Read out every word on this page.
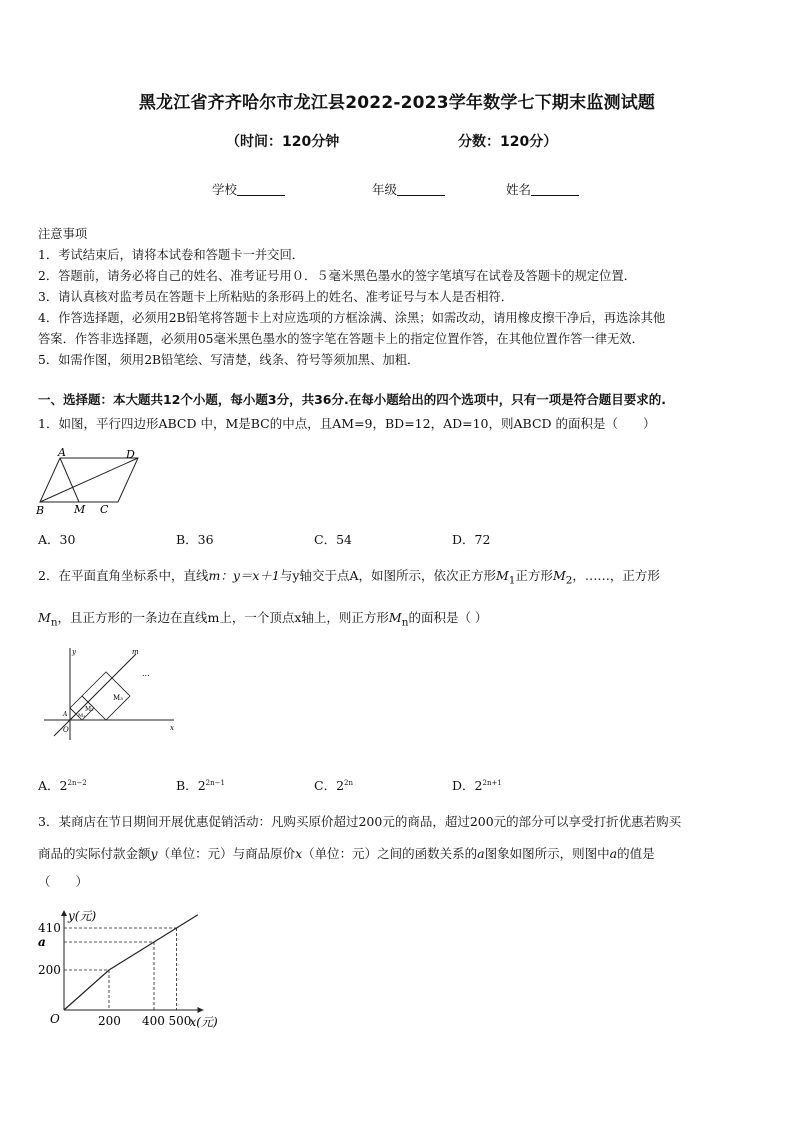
黑龙江省齐齐哈尔市龙江县2022-2023学年数学七下期末监测试题
（时间：120分钟	分数：120分）
学校	年级	姓名
注意事项
1．考试结束后，请将本试卷和答题卡一并交回．
2．答题前，请务必将自己的姓名、准考证号用０．５毫米黑色墨水的签字笔填写在试卷及答题卡的规定位置．
3．请认真核对监考员在答题卡上所粘贴的条形码上的姓名、准考证号与本人是否相符．
4．作答选择题，必须用2B铅笔将答题卡上对应选项的方框涂满、涂黑；如需改动，请用橡皮擦干净后，再选涂其他
答案．作答非选择题，必须用05毫米黑色墨水的签字笔在答题卡上的指定位置作答，在其他位置作答一律无效．
5．如需作图，须用2B铅笔绘、写清楚，线条、符号等须加黑、加粗．
一、选择题：本大题共12个小题，每小题3分，共36分.在每小题给出的四个选项中，只有一项是符合题目要求的.
1．如图，平行四边形ABCD 中，M是BC的中点，且AM=9，BD=12，AD=10，则ABCD 的面积是（　　）
A	D
B	M C
A．30	B．36	C．54	D．72
2．在平面直角坐标系中，直线m：y＝x＋1与y轴交于点A，如图所示，依次正方形$M_1$正方形$M_2$，……，正方形
$M_n$，且正方形的一条边在直线m上，一个顶点x轴上，则正方形$M_n$的面积是（ ）
y	m
x
O
A M₁
M₂
M₃
...
A．$2^{2n-2}$	B．$2^{2n-1}$	C．$2^{2n}$	D．$2^{2n+1}$
3．某商店在节日期间开展优惠促销活动：凡购买原价超过200元的商品，超过200元的部分可以享受打折优惠若购买
商品的实际付款金额y（单位：元）与商品原价x（单位：元）之间的函数关系的a图象如图所示，则图中a的值是
（　　）
410
a
200
200 400 500
O	x(元)
y(元)
